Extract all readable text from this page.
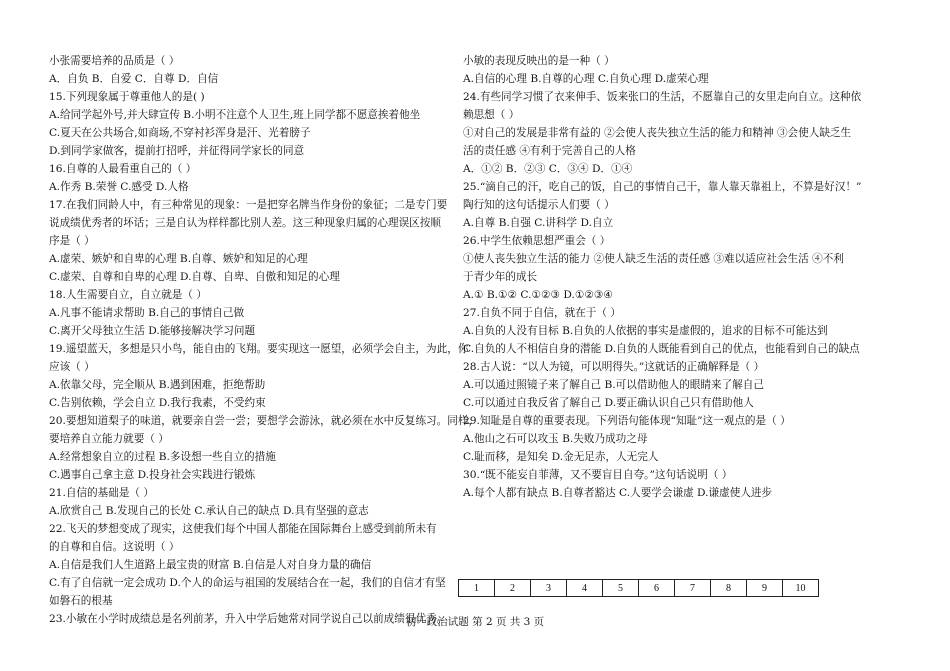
小张需要培养的品质是（ ）
A．自负 B．自爱 C．自尊 D．自信
15.下列现象属于尊重他人的是( )
A.给同学起外号,并大肆宣传 B.小明不注意个人卫生,班上同学都不愿意挨着他坐
C.夏天在公共场合,如商场,不穿衬衫浑身是汗、光着膀子
D.到同学家做客，提前打招呼，并征得同学家长的同意
16.自尊的人最看重自己的（ ）
A.作秀 B.荣誉 C.感受 D.人格
17.在我们同龄人中，有三种常见的现象：一是把穿名牌当作身份的象征；二是专门要
说成绩优秀者的坏话；三是自认为样样都比别人差。这三种现象归属的心理误区按顺
序是（ ）
A.虚荣、嫉妒和自卑的心理 B.自尊、嫉妒和知足的心理
C.虚荣、自尊和自卑的心理 D.自尊、自卑、自傲和知足的心理
18.人生需要自立，自立就是（ ）
A.凡事不能请求帮助 B.自己的事情自己做
C.离开父母独立生活 D.能够接解决学习问题
19.遥望蓝天，多想是只小鸟，能自由的飞翔。要实现这一愿望，必须学会自主，为此，你
应该（ ）
A.依靠父母，完全顺从 B.遇到困难，拒绝帮助
C.告别依赖，学会自立 D.我行我素，不受约束
20.要想知道梨子的味道，就要亲自尝一尝；要想学会游泳，就必须在水中反复练习。同样，
要培养自立能力就要（ ）
A.经常想象自立的过程 B.多设想一些自立的措施
C.遇事自己拿主意 D.投身社会实践进行锻炼
21.自信的基础是（ ）
A.欣赏自己 B.发现自己的长处 C.承认自己的缺点 D.具有坚强的意志
22.飞天的梦想变成了现实，这使我们每个中国人都能在国际舞台上感受到前所未有
的自尊和自信。这说明（ ）
A.自信是我们人生道路上最宝贵的财富 B.自信是人对自身力量的确信
C.有了自信就一定会成功 D.个人的命运与祖国的发展结合在一起，我们的自信才有坚
如磐石的根基
23.小敏在小学时成绩总是名列前茅，升入中学后她常对同学说自己以前成绩很优秀。
小敏的表现反映出的是一种（ ）
A.自信的心理 B.自尊的心理 C.自负心理 D.虚荣心理
24.有些同学习惯了衣来伸手、饭来张口的生活，不愿靠自己的女里走向自立。这种依
赖思想（ ）
①对自己的发展是非常有益的 ②会使人丧失独立生活的能力和精神 ③会使人缺乏生
活的责任感 ④有利于完善自己的人格
A．①② B．②③ C．③④ D．①④
25.“滴自己的汗，吃自己的饭，自己的事情自己干，靠人靠天靠祖上，不算是好汉！”
陶行知的这句话提示人们要（ ）
A.自尊 B.自强 C.讲科学 D.自立
26.中学生依赖思想严重会（ ）
①使人丧失独立生活的能力 ②使人缺乏生活的责任感 ③难以适应社会生活 ④不利
于青少年的成长
A.① B.①② C.①②③ D.①②③④
27.自负不同于自信，就在于（ ）
A.自负的人没有目标 B.自负的人依据的事实是虚假的，追求的目标不可能达到
C.自负的人不相信自身的潜能 D.自负的人既能看到自己的优点，也能看到自己的缺点
28.古人说：“以人为镜，可以明得失。”这就话的正确解释是（ ）
A.可以通过照镜子来了解自己 B.可以借助他人的眼睛来了解自己
C.可以通过自我反省了解自己 D.要正确认识自己只有借助他人
29.知耻是自尊的重要表现。下列语句能体现“知耻”这一观点的是（ ）
A.他山之石可以攻玉 B.失败乃成功之母
C.耻而移，是知矣 D.金无足赤，人无完人
30.“既不能妄自菲薄，又不要盲目自夸。”这句话说明（ ）
A.每个人都有缺点 B.自尊者豁达 C.人要学会谦虚 D.谦虚使人进步
1	2	3	4	5	6	7	8	9	10

初一政治试题 第 2 页 共 3 页
